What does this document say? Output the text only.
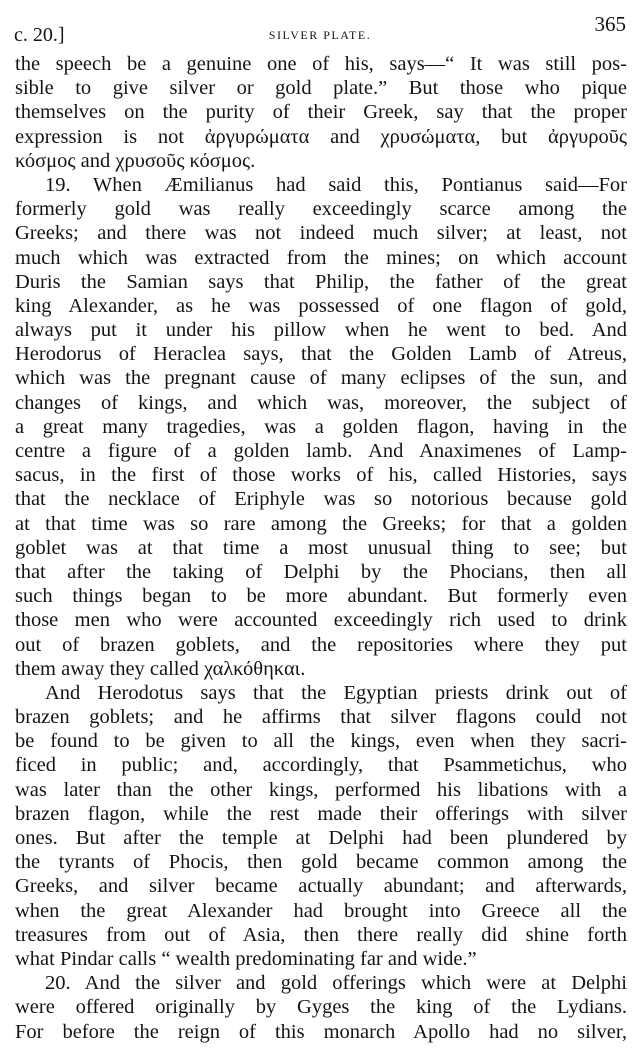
c. 20.]	SILVER PLATE.	365
the speech be a genuine one of his, says—“ It was still pos-
sible to give silver or gold plate.” But those who pique
themselves on the purity of their Greek, say that the proper
expression is not ἀργυρώματα and χρυσώματα, but ἀργυροῦς
κόσμος and χρυσοῦς κόσμος.
19. When Æmilianus had said this, Pontianus said—For
formerly gold was really exceedingly scarce among the
Greeks; and there was not indeed much silver; at least, not
much which was extracted from the mines; on which account
Duris the Samian says that Philip, the father of the great
king Alexander, as he was possessed of one flagon of gold,
always put it under his pillow when he went to bed. And
Herodorus of Heraclea says, that the Golden Lamb of Atreus,
which was the pregnant cause of many eclipses of the sun, and
changes of kings, and which was, moreover, the subject of
a great many tragedies, was a golden flagon, having in the
centre a figure of a golden lamb. And Anaximenes of Lamp-
sacus, in the first of those works of his, called Histories, says
that the necklace of Eriphyle was so notorious because gold
at that time was so rare among the Greeks; for that a golden
goblet was at that time a most unusual thing to see; but
that after the taking of Delphi by the Phocians, then all
such things began to be more abundant. But formerly even
those men who were accounted exceedingly rich used to drink
out of brazen goblets, and the repositories where they put
them away they called χαλκόθηκαι.
And Herodotus says that the Egyptian priests drink out of
brazen goblets; and he affirms that silver flagons could not
be found to be given to all the kings, even when they sacri-
ficed in public; and, accordingly, that Psammetichus, who
was later than the other kings, performed his libations with a
brazen flagon, while the rest made their offerings with silver
ones. But after the temple at Delphi had been plundered by
the tyrants of Phocis, then gold became common among the
Greeks, and silver became actually abundant; and afterwards,
when the great Alexander had brought into Greece all the
treasures from out of Asia, then there really did shine forth
what Pindar calls “ wealth predominating far and wide.”
20. And the silver and gold offerings which were at Delphi
were offered originally by Gyges the king of the Lydians.
For before the reign of this monarch Apollo had no silver,
